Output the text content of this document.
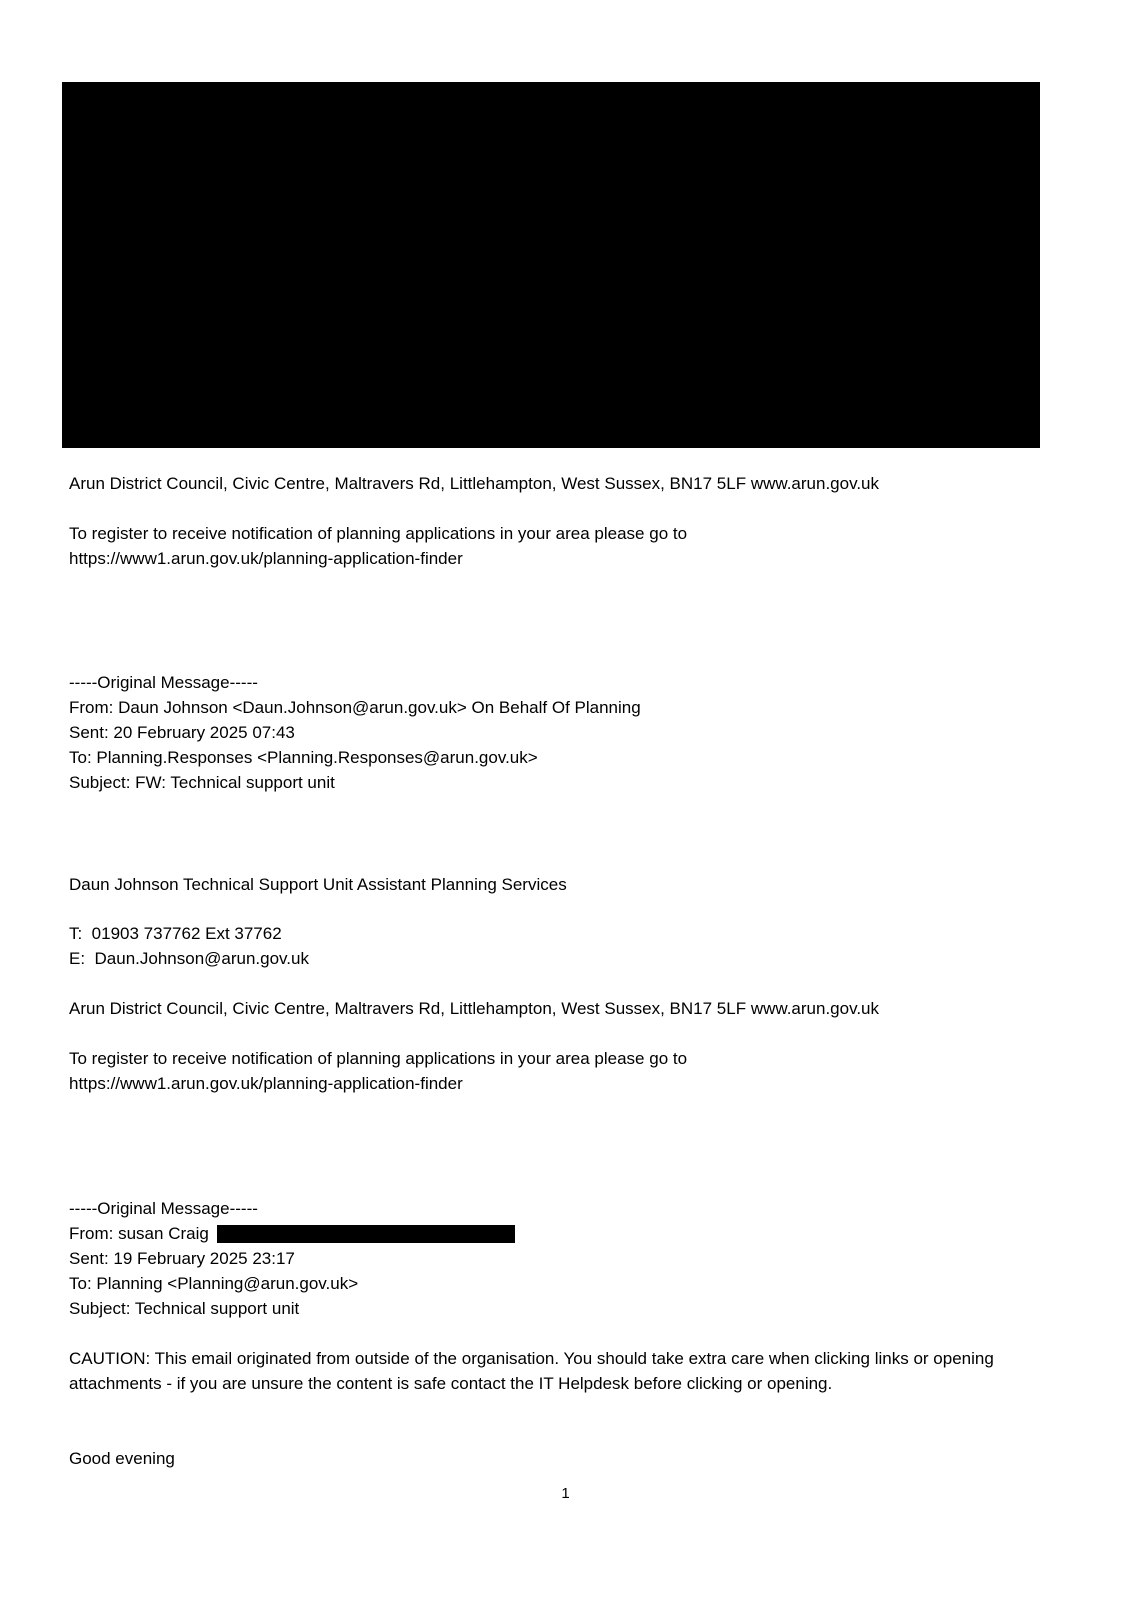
Arun District Council, Civic Centre, Maltravers Rd, Littlehampton, West Sussex, BN17 5LF www.arun.gov.uk
To register to receive notification of planning applications in your area please go to
https://www1.arun.gov.uk/planning-application-finder
-----Original Message-----
From: Daun Johnson <Daun.Johnson@arun.gov.uk> On Behalf Of Planning
Sent: 20 February 2025 07:43
To: Planning.Responses <Planning.Responses@arun.gov.uk>
Subject: FW: Technical support unit
Daun Johnson Technical Support Unit Assistant Planning Services
T:  01903 737762 Ext 37762
E:  Daun.Johnson@arun.gov.uk
Arun District Council, Civic Centre, Maltravers Rd, Littlehampton, West Sussex, BN17 5LF www.arun.gov.uk
To register to receive notification of planning applications in your area please go to
https://www1.arun.gov.uk/planning-application-finder
-----Original Message-----
From: susan Craig
Sent: 19 February 2025 23:17
To: Planning <Planning@arun.gov.uk>
Subject: Technical support unit
CAUTION: This email originated from outside of the organisation. You should take extra care when clicking links or opening attachments - if you are unsure the content is safe contact the IT Helpdesk before clicking or opening.
Good evening
1
